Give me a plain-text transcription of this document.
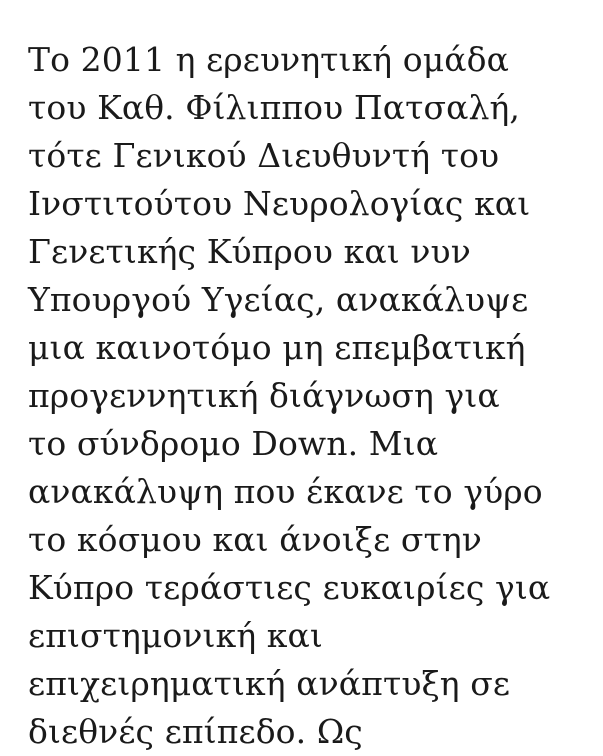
Το 2011 η ερευνητική ομάδα
του Καθ. Φίλιππου Πατσαλή,
τότε Γενικού Διευθυντή του
Ινστιτούτου Νευρολογίας και
Γενετικής Κύπρου και νυν
Υπουργού Υγείας, ανακάλυψε
μια καινοτόμο μη επεμβατική
προγεννητική διάγνωση για
το σύνδρομο Down. Μια
ανακάλυψη που έκανε το γύρο
το κόσμου και άνοιξε στην
Κύπρο τεράστιες ευκαιρίες για
επιστημονική και
επιχειρηματική ανάπτυξη σε
διεθνές επίπεδο. Ως
